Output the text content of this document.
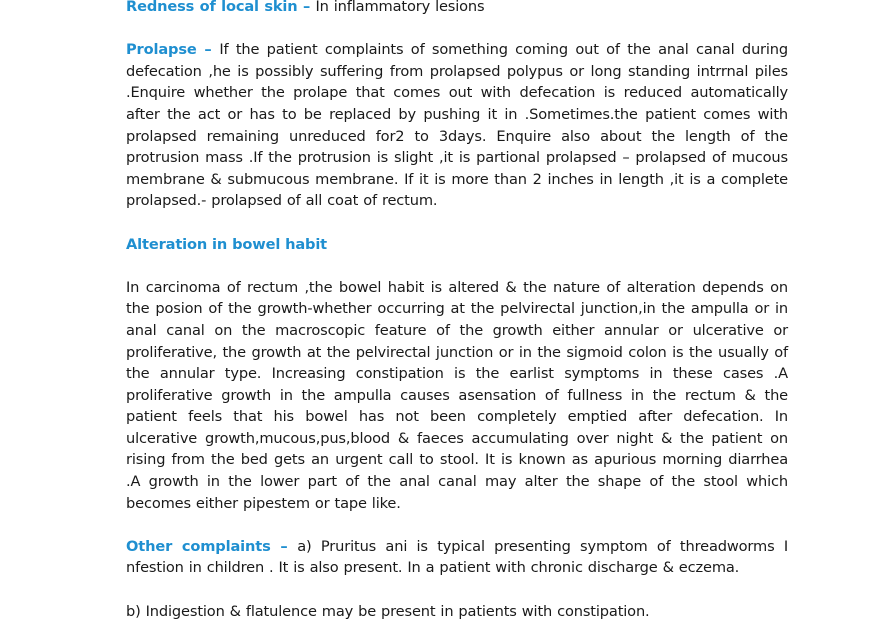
Redness of local skin – In inflammatory lesions

Prolapse – If the patient complaints of something coming out of the anal canal during defecation ,he is possibly suffering from prolapsed polypus or long standing intrrnal piles .Enquire whether the prolape that comes out with defecation is reduced automatically after the act or has to be replaced by pushing it in .Sometimes.the patient comes with prolapsed remaining unreduced for2 to 3days. Enquire also about the length of the protrusion mass .If the protrusion is slight ,it is partional prolapsed – prolapsed of mucous membrane & submucous membrane. If it is more than 2 inches in length ,it is a complete prolapsed.- prolapsed of all coat of rectum.

Alteration in bowel habit

In carcinoma of rectum ,the bowel habit is altered & the nature of alteration depends on the posion of the growth-whether occurring at the pelvirectal junction,in the ampulla or in anal canal on the macroscopic feature of the growth either annular or ulcerative or proliferative, the growth at the pelvirectal junction or in the sigmoid colon is the usually of the annular type. Increasing constipation is the earlist symptoms in these cases .A proliferative growth in the ampulla causes asensation of fullness in the rectum & the patient feels that his bowel has not been completely emptied after defecation. In ulcerative growth,mucous,pus,blood & faeces accumulating over night & the patient on rising from the bed gets an urgent call to stool. It is known as apurious morning diarrhea .A growth in the lower part of the anal canal may alter the shape of the stool which becomes either pipestem or tape like.

Other complaints – a) Pruritus ani is typical presenting symptom of threadworms I nfestion in children . It is also present. In a patient with chronic discharge & eczema.

b) Indigestion & flatulence may be present in patients with constipation.
